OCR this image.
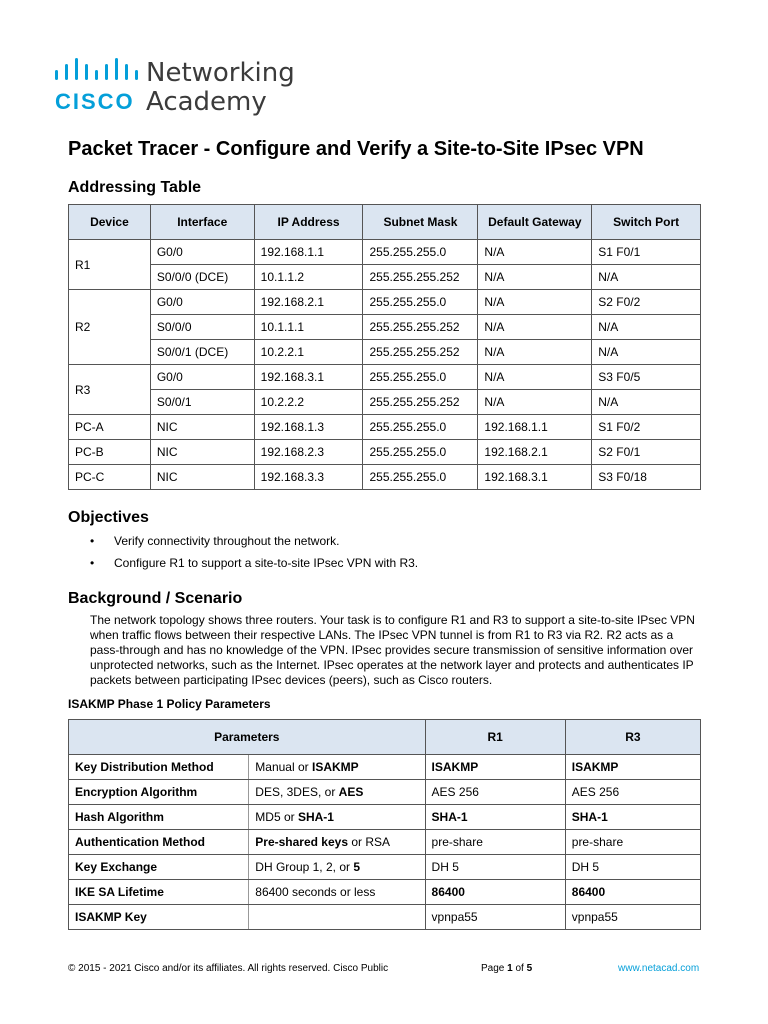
CISCO
Networking
Academy
Packet Tracer - Configure and Verify a Site-to-Site IPsec VPN
Addressing Table
Device	Interface	IP Address	Subnet Mask	Default Gateway	Switch Port
R1	G0/0	192.168.1.1	255.255.255.0	N/A	S1 F0/1
	S0/0/0 (DCE)	10.1.1.2	255.255.255.252	N/A	N/A
R2	G0/0	192.168.2.1	255.255.255.0	N/A	S2 F0/2
	S0/0/0	10.1.1.1	255.255.255.252	N/A	N/A
	S0/0/1 (DCE)	10.2.2.1	255.255.255.252	N/A	N/A
R3	G0/0	192.168.3.1	255.255.255.0	N/A	S3 F0/5
	S0/0/1	10.2.2.2	255.255.255.252	N/A	N/A
PC-A	NIC	192.168.1.3	255.255.255.0	192.168.1.1	S1 F0/2
PC-B	NIC	192.168.2.3	255.255.255.0	192.168.2.1	S2 F0/1
PC-C	NIC	192.168.3.3	255.255.255.0	192.168.3.1	S3 F0/18
Objectives
• Verify connectivity throughout the network.
• Configure R1 to support a site-to-site IPsec VPN with R3.
Background / Scenario

The network topology shows three routers. Your task is to configure R1 and R3 to support a site-to-site IPsec VPN when traffic flows between their respective LANs. The IPsec VPN tunnel is from R1 to R3 via R2. R2 acts as a pass-through and has no knowledge of the VPN. IPsec provides secure transmission of sensitive information over unprotected networks, such as the Internet. IPsec operates at the network layer and protects and authenticates IP packets between participating IPsec devices (peers), such as Cisco routers.

ISAKMP Phase 1 Policy Parameters

Parameters		R1	R3
Key Distribution Method	Manual or ISAKMP	ISAKMP	ISAKMP
Encryption Algorithm	DES, 3DES, or AES	AES 256	AES 256
Hash Algorithm	MD5 or SHA-1	SHA-1	SHA-1
Authentication Method	Pre-shared keys or RSA	pre-share	pre-share
Key Exchange	DH Group 1, 2, or 5	DH 5	DH 5
IKE SA Lifetime	86400 seconds or less	86400	86400
ISAKMP Key		vpnpa55	vpnpa55
© 2015 - 2021 Cisco and/or its affiliates. All rights reserved. Cisco Public	Page 1 of 5	www.netacad.com
